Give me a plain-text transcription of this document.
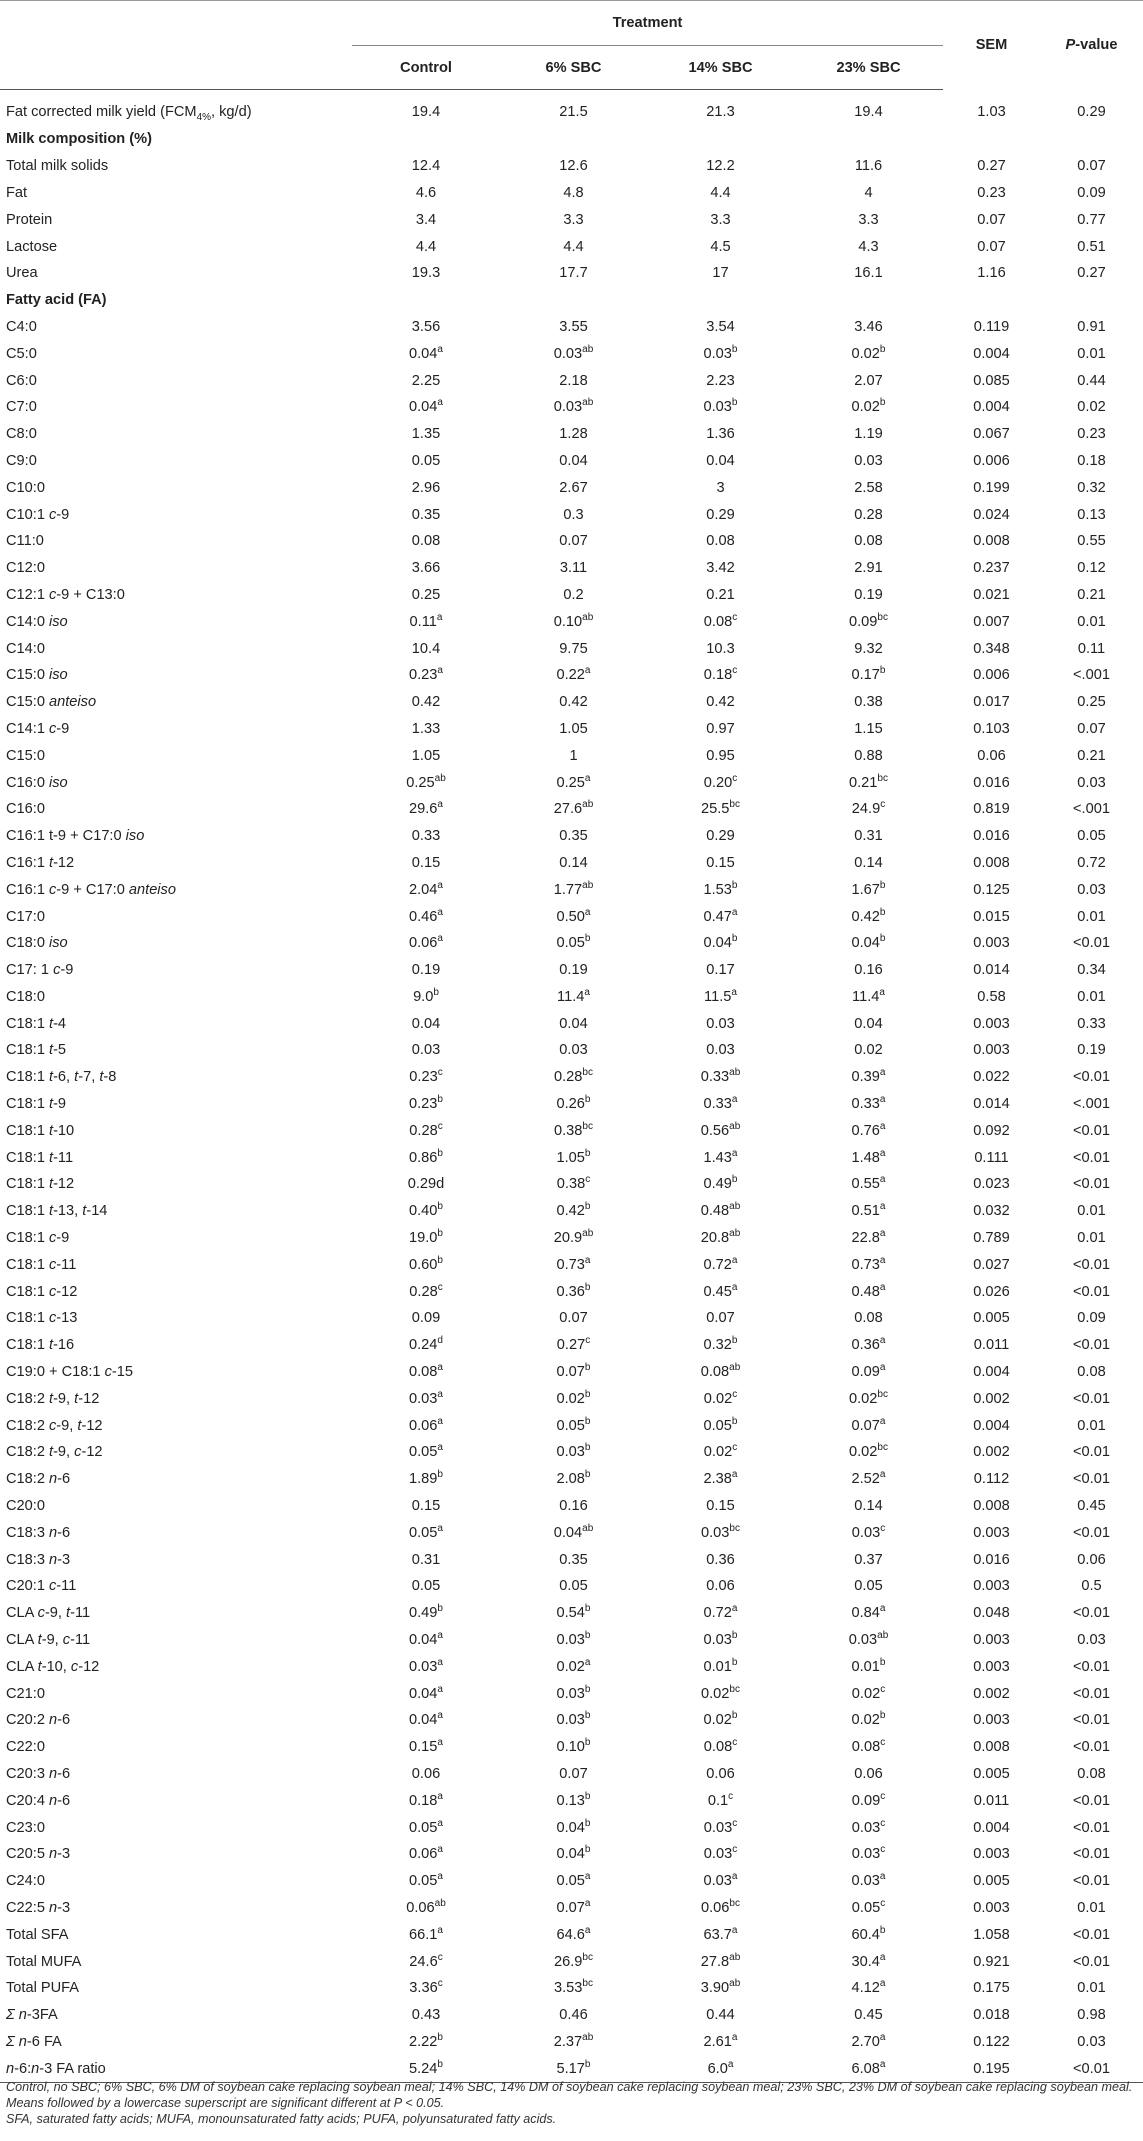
	Treatment				SEM	P-value
	Control	6% SBC	14% SBC	23% SBC		
Fat corrected milk yield ($FCM_{4\%}$, kg/d)	19.4	21.5	21.3	19.4	1.03	0.29
Milk composition (%)						
Total milk solids	12.4	12.6	12.2	11.6	0.27	0.07
Fat	4.6	4.8	4.4	4	0.23	0.09
Protein	3.4	3.3	3.3	3.3	0.07	0.77
Lactose	4.4	4.4	4.5	4.3	0.07	0.51
Urea	19.3	17.7	17	16.1	1.16	0.27
Fatty acid (FA)						
C4:0	3.56	3.55	3.54	3.46	0.119	0.91
C5:0	0.04$^a$	0.03$^{ab}$	0.03$^b$	0.02$^b$	0.004	0.01
C6:0	2.25	2.18	2.23	2.07	0.085	0.44
C7:0	0.04$^a$	0.03$^{ab}$	0.03$^b$	0.02$^b$	0.004	0.02
C8:0	1.35	1.28	1.36	1.19	0.067	0.23
C9:0	0.05	0.04	0.04	0.03	0.006	0.18
C10:0	2.96	2.67	3	2.58	0.199	0.32
C10:1 c-9	0.35	0.3	0.29	0.28	0.024	0.13
C11:0	0.08	0.07	0.08	0.08	0.008	0.55
C12:0	3.66	3.11	3.42	2.91	0.237	0.12
C12:1 c-9 + C13:0	0.25	0.2	0.21	0.19	0.021	0.21
C14:0 iso	0.11$^a$	0.10$^{ab}$	0.08$^c$	0.09$^{bc}$	0.007	0.01
C14:0	10.4	9.75	10.3	9.32	0.348	0.11
C15:0 iso	0.23$^a$	0.22$^a$	0.18$^c$	0.17$^b$	0.006	<.001
C15:0 anteiso	0.42	0.42	0.42	0.38	0.017	0.25
C14:1 c-9	1.33	1.05	0.97	1.15	0.103	0.07
C15:0	1.05	1	0.95	0.88	0.06	0.21
C16:0 iso	0.25$^{ab}$	0.25$^a$	0.20$^c$	0.21$^{bc}$	0.016	0.03
C16:0	29.6$^a$	27.6$^{ab}$	25.5$^{bc}$	24.9$^c$	0.819	<.001
C16:1 t-9 + C17:0 iso	0.33	0.35	0.29	0.31	0.016	0.05
C16:1 t-12	0.15	0.14	0.15	0.14	0.008	0.72
C16:1 c-9 + C17:0 anteiso	2.04$^a$	1.77$^{ab}$	1.53$^b$	1.67$^b$	0.125	0.03
C17:0	0.46$^a$	0.50$^a$	0.47$^a$	0.42$^b$	0.015	0.01
C18:0 iso	0.06$^a$	0.05$^b$	0.04$^b$	0.04$^b$	0.003	<0.01
C17: 1 c-9	0.19	0.19	0.17	0.16	0.014	0.34
C18:0	9.0$^b$	11.4$^a$	11.5$^a$	11.4$^a$	0.58	0.01
C18:1 t-4	0.04	0.04	0.03	0.04	0.003	0.33
C18:1 t-5	0.03	0.03	0.03	0.02	0.003	0.19
C18:1 t-6, t-7, t-8	0.23$^c$	0.28$^{bc}$	0.33$^{ab}$	0.39$^a$	0.022	<0.01
C18:1 t-9	0.23$^b$	0.26$^b$	0.33$^a$	0.33$^a$	0.014	<.001
C18:1 t-10	0.28$^c$	0.38$^{bc}$	0.56$^{ab}$	0.76$^a$	0.092	<0.01
C18:1 t-11	0.86$^b$	1.05$^b$	1.43$^a$	1.48$^a$	0.111	<0.01
C18:1 t-12	0.29d	0.38$^c$	0.49$^b$	0.55$^a$	0.023	<0.01
C18:1 t-13, t-14	0.40$^b$	0.42$^b$	0.48$^{ab}$	0.51$^a$	0.032	0.01
C18:1 c-9	19.0$^b$	20.9$^{ab}$	20.8$^{ab}$	22.8$^a$	0.789	0.01
C18:1 c-11	0.60$^b$	0.73$^a$	0.72$^a$	0.73$^a$	0.027	<0.01
C18:1 c-12	0.28$^c$	0.36$^b$	0.45$^a$	0.48$^a$	0.026	<0.01
C18:1 c-13	0.09	0.07	0.07	0.08	0.005	0.09
C18:1 t-16	0.24$^d$	0.27$^c$	0.32$^b$	0.36$^a$	0.011	<0.01
C19:0 + C18:1 c-15	0.08$^a$	0.07$^b$	0.08$^{ab}$	0.09$^a$	0.004	0.08
C18:2 t-9, t-12	0.03$^a$	0.02$^b$	0.02$^c$	0.02$^{bc}$	0.002	<0.01
C18:2 c-9, t-12	0.06$^a$	0.05$^b$	0.05$^b$	0.07$^a$	0.004	0.01
C18:2 t-9, c-12	0.05$^a$	0.03$^b$	0.02$^c$	0.02$^{bc}$	0.002	<0.01
C18:2 n-6	1.89$^b$	2.08$^b$	2.38$^a$	2.52$^a$	0.112	<0.01
C20:0	0.15	0.16	0.15	0.14	0.008	0.45
C18:3 n-6	0.05$^a$	0.04$^{ab}$	0.03$^{bc}$	0.03$^c$	0.003	<0.01
C18:3 n-3	0.31	0.35	0.36	0.37	0.016	0.06
C20:1 c-11	0.05	0.05	0.06	0.05	0.003	0.5
CLA c-9, t-11	0.49$^b$	0.54$^b$	0.72$^a$	0.84$^a$	0.048	<0.01
CLA t-9, c-11	0.04$^a$	0.03$^b$	0.03$^b$	0.03$^{ab}$	0.003	0.03
CLA t-10, c-12	0.03$^a$	0.02$^a$	0.01$^b$	0.01$^b$	0.003	<0.01
C21:0	0.04$^a$	0.03$^b$	0.02$^{bc}$	0.02$^c$	0.002	<0.01
C20:2 n-6	0.04$^a$	0.03$^b$	0.02$^b$	0.02$^b$	0.003	<0.01
C22:0	0.15$^a$	0.10$^b$	0.08$^c$	0.08$^c$	0.008	<0.01
C20:3 n-6	0.06	0.07	0.06	0.06	0.005	0.08
C20:4 n-6	0.18$^a$	0.13$^b$	0.1$^c$	0.09$^c$	0.011	<0.01
C23:0	0.05$^a$	0.04$^b$	0.03$^c$	0.03$^c$	0.004	<0.01
C20:5 n-3	0.06$^a$	0.04$^b$	0.03$^c$	0.03$^c$	0.003	<0.01
C24:0	0.05$^a$	0.05$^a$	0.03$^a$	0.03$^a$	0.005	<0.01
C22:5 n-3	0.06$^{ab}$	0.07$^a$	0.06$^{bc}$	0.05$^c$	0.003	0.01
Total SFA	66.1$^a$	64.6$^a$	63.7$^a$	60.4$^b$	1.058	<0.01
Total MUFA	24.6$^c$	26.9$^{bc}$	27.8$^{ab}$	30.4$^a$	0.921	<0.01
Total PUFA	3.36$^c$	3.53$^{bc}$	3.90$^{ab}$	4.12$^a$	0.175	0.01
Σ n-3FA	0.43	0.46	0.44	0.45	0.018	0.98
Σ n-6 FA	2.22$^b$	2.37$^{ab}$	2.61$^a$	2.70$^a$	0.122	0.03
n-6:n-3 FA ratio	5.24$^b$	5.17$^b$	6.0$^a$	6.08$^a$	0.195	<0.01
Control, no SBC; 6% SBC, 6% DM of soybean cake replacing soybean meal; 14% SBC, 14% DM of soybean cake replacing soybean meal; 23% SBC, 23% DM of soybean cake replacing soybean meal.
Means followed by a lowercase superscript are significant different at P < 0.05.
SFA, saturated fatty acids; MUFA, monounsaturated fatty acids; PUFA, polyunsaturated fatty acids.
